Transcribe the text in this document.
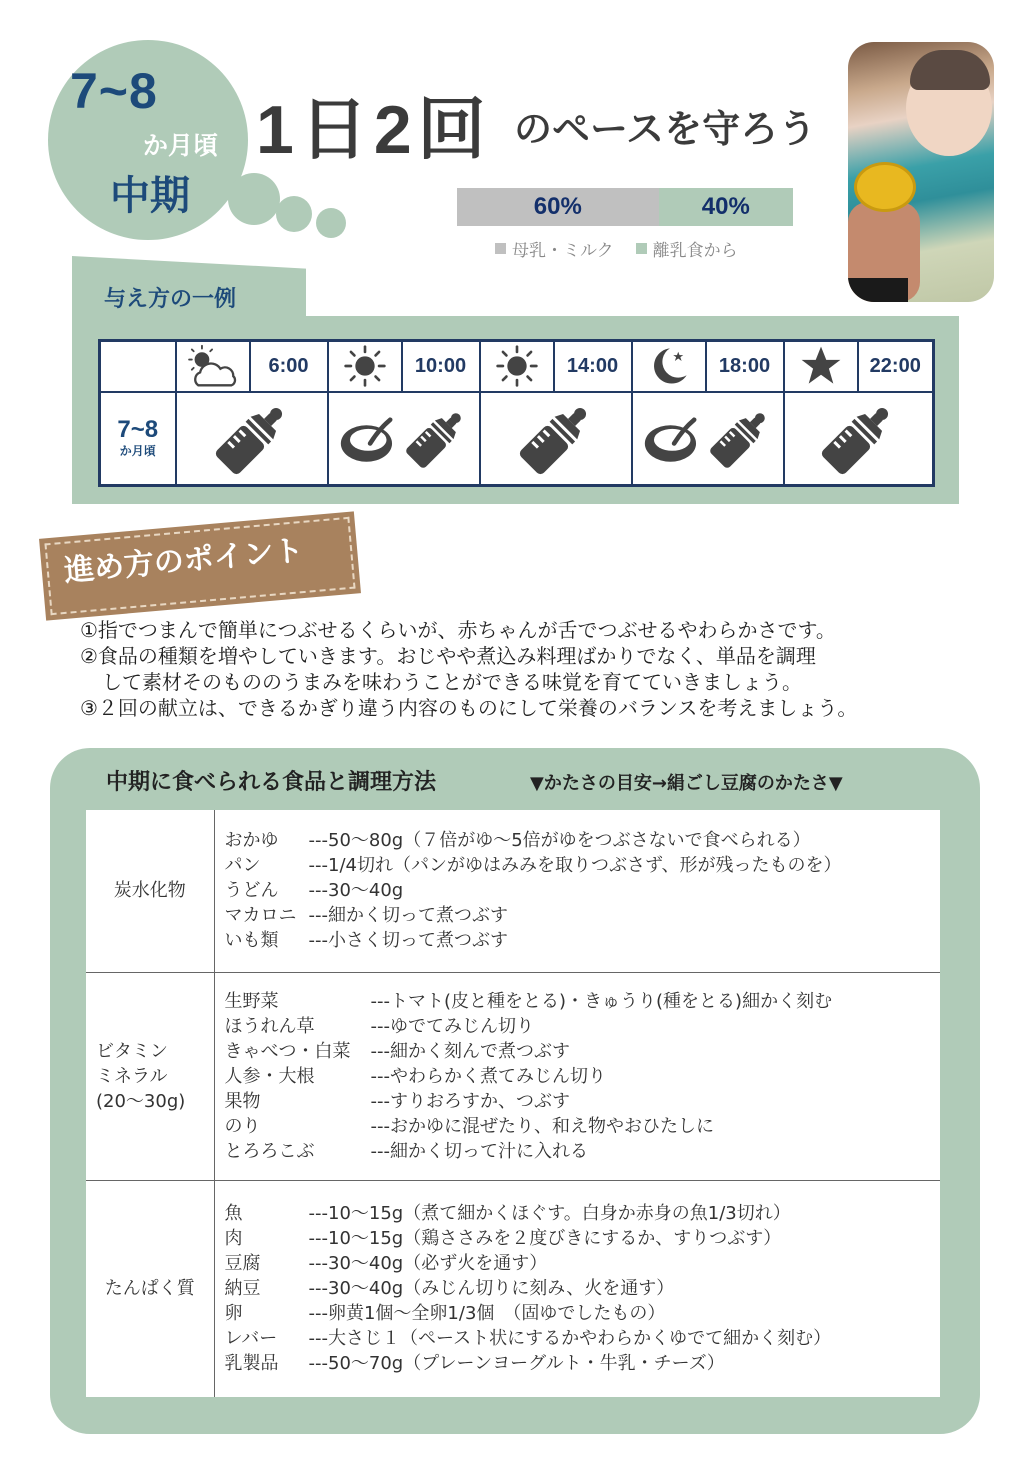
7~8
か月頃
中期
1日2回 のペースを守ろう
60%	40%
母乳・ミルク 離乳食から
与え方の一例
		6:00		10:00		14:00		18:00		22:00

7~8
か月頃

進め方のポイント
①指でつまんで簡単につぶせるくらいが、赤ちゃんが舌でつぶせるやわらかさです。
②食品の種類を増やしていきます。おじやや煮込み料理ばかりでなく、単品を調理
して素材そのもののうまみを味わうことができる味覚を育てていきましょう。
③２回の献立は、できるかぎり違う内容のものにして栄養のバランスを考えましょう。
中期に食べられる食品と調理方法	▼かたさの目安→絹ごし豆腐のかたさ▼
炭水化物

おかゆ	---50〜80g（７倍がゆ〜5倍がゆをつぶさないで食べられる）
パン	---1/4切れ（パンがゆはみみを取りつぶさず、形が残ったものを）
うどん	---30〜40g
マカロニ ---細かく切って煮つぶす
いも類	---小さく切って煮つぶす

ビタミン
ミネラル
(20〜30g)

生野菜	---トマト(皮と種をとる)・きゅうり(種をとる)細かく刻む
ほうれん草	---ゆでてみじん切り
きゃべつ・白菜	---細かく刻んで煮つぶす
人参・大根	---やわらかく煮てみじん切り
果物	---すりおろすか、つぶす
のり	---おかゆに混ぜたり、和え物やおひたしに
とろろこぶ	---細かく切って汁に入れる

たんぱく質

魚	---10〜15g（煮て細かくほぐす。白身か赤身の魚1/3切れ）
肉	---10〜15g（鶏ささみを２度びきにするか、すりつぶす）
豆腐	---30〜40g（必ず火を通す）
納豆	---30〜40g（みじん切りに刻み、火を通す）
卵	---卵黄1個〜全卵1/3個　（固ゆでしたもの）
レバー	---大さじ１（ペースト状にするかやわらかくゆでて細かく刻む）
乳製品	---50〜70g（プレーンヨーグルト・牛乳・チーズ）
